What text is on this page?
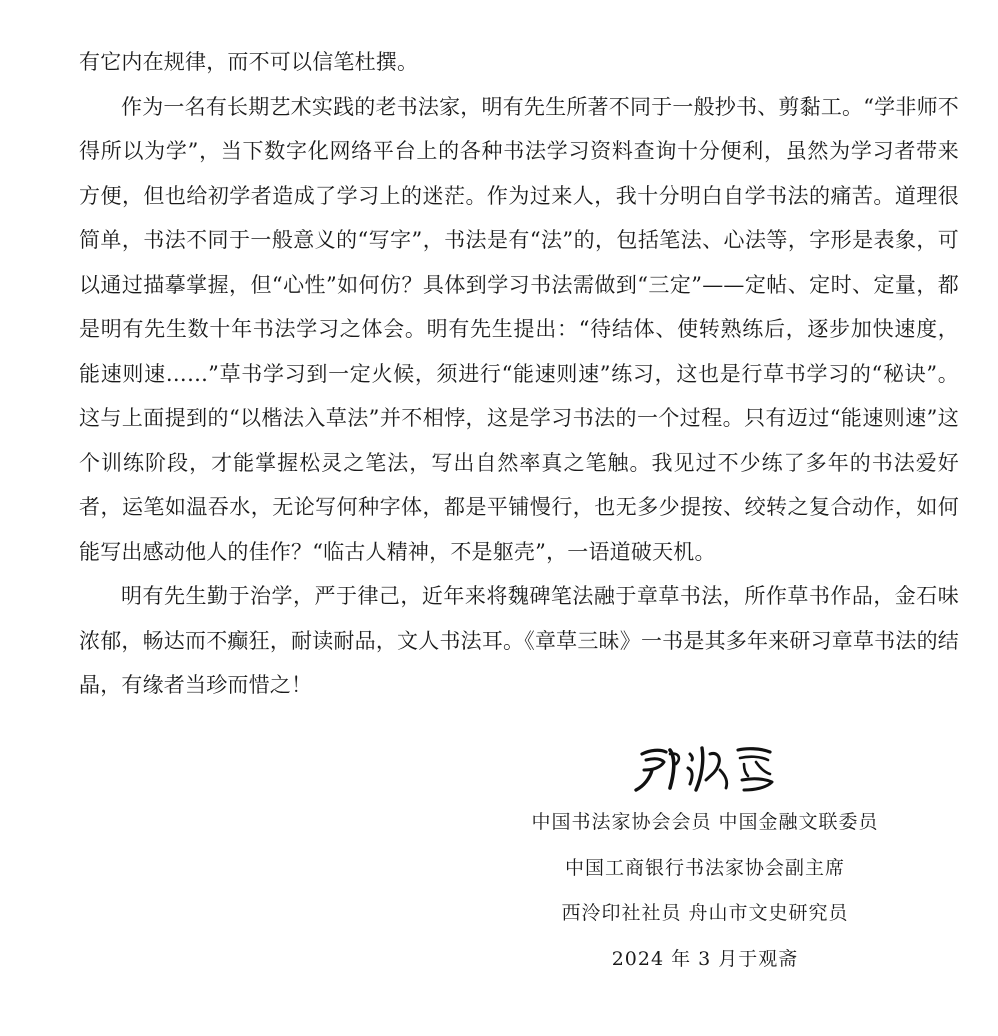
有它内在规律，而不可以信笔杜撰。

作为一名有长期艺术实践的老书法家，明有先生所著不同于一般抄书、剪黏工。“学非师不得所以为学”，当下数字化网络平台上的各种书法学习资料查询十分便利，虽然为学习者带来方便，但也给初学者造成了学习上的迷茫。作为过来人，我十分明白自学书法的痛苦。道理很简单，书法不同于一般意义的“写字”，书法是有“法”的，包括笔法、心法等，字形是表象，可以通过描摹掌握，但“心性”如何仿？具体到学习书法需做到“三定”——定帖、定时、定量，都是明有先生数十年书法学习之体会。明有先生提出：“待结体、使转熟练后，逐步加快速度，能速则速……”草书学习到一定火候，须进行“能速则速”练习，这也是行草书学习的“秘诀”。这与上面提到的“以楷法入草法”并不相悖，这是学习书法的一个过程。只有迈过“能速则速”这个训练阶段，才能掌握松灵之笔法，写出自然率真之笔触。我见过不少练了多年的书法爱好者，运笔如温吞水，无论写何种字体，都是平铺慢行，也无多少提按、绞转之复合动作，如何能写出感动他人的佳作？“临古人精神，不是躯壳”，一语道破天机。

明有先生勤于治学，严于律己，近年来将魏碑笔法融于章草书法，所作草书作品，金石味浓郁，畅达而不癫狂，耐读耐品，文人书法耳。《章草三昧》一书是其多年来研习章草书法的结晶，有缘者当珍而惜之！

中国书法家协会会员 中国金融文联委员
中国工商银行书法家协会副主席
西泠印社社员 舟山市文史研究员
2024 年 3 月于观斋
